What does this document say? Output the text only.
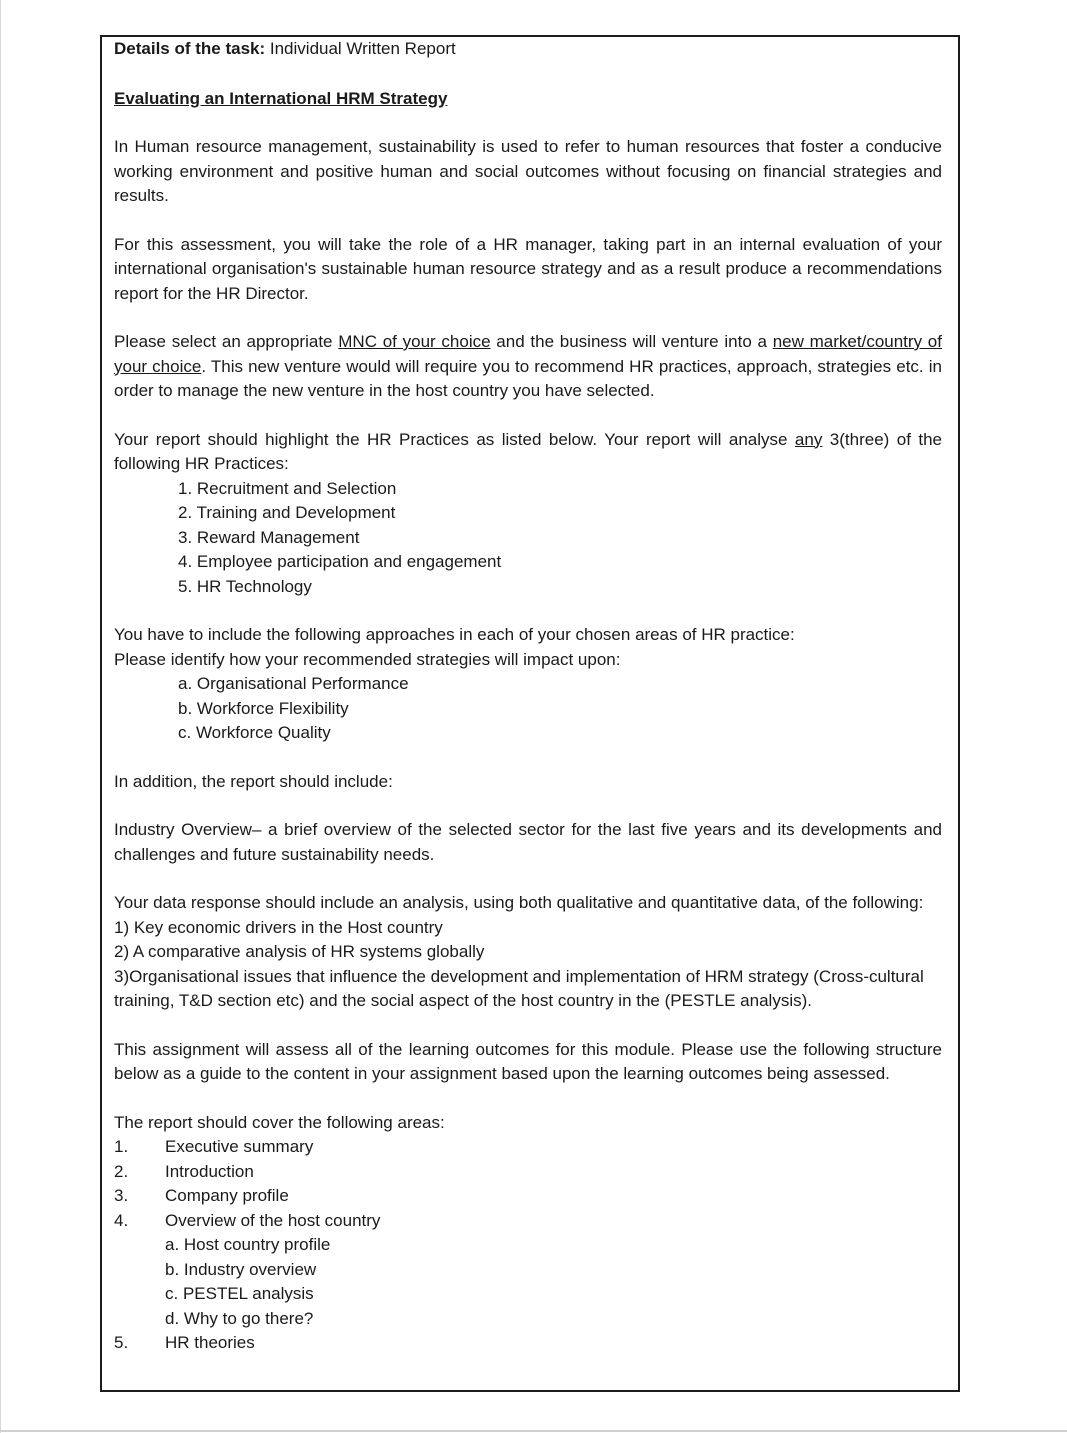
Details of the task: Individual Written Report
Evaluating an International HRM Strategy

In Human resource management, sustainability is used to refer to human resources that foster a conducive working environment and positive human and social outcomes without focusing on financial strategies and results.

For this assessment, you will take the role of a HR manager, taking part in an internal evaluation of your international organisation's sustainable human resource strategy and as a result produce a recommendations report for the HR Director.

Please select an appropriate MNC of your choice and the business will venture into a new market/country of your choice. This new venture would will require you to recommend HR practices, approach, strategies etc. in order to manage the new venture in the host country you have selected.

Your report should highlight the HR Practices as listed below. Your report will analyse any 3(three) of the following HR Practices:

1. Recruitment and Selection
2. Training and Development
3. Reward Management
4. Employee participation and engagement
5. HR Technology
You have to include the following approaches in each of your chosen areas of HR practice:
Please identify how your recommended strategies will impact upon:
a. Organisational Performance
b. Workforce Flexibility
c. Workforce Quality
In addition, the report should include:

Industry Overview– a brief overview of the selected sector for the last five years and its developments and challenges and future sustainability needs.

Your data response should include an analysis, using both qualitative and quantitative data, of the following:

1) Key economic drivers in the Host country
2) A comparative analysis of HR systems globally

3)Organisational issues that influence the development and implementation of HRM strategy (Cross-cultural training, T&D section etc) and the social aspect of the host country in the (PESTLE analysis).

This assignment will assess all of the learning outcomes for this module. Please use the following structure below as a guide to the content in your assignment based upon the learning outcomes being assessed.

The report should cover the following areas:
1.	Executive summary
2.	Introduction
3.	Company profile
4.	Overview of the host country
a. Host country profile
b. Industry overview
c. PESTEL analysis
d. Why to go there?
5.	HR theories
